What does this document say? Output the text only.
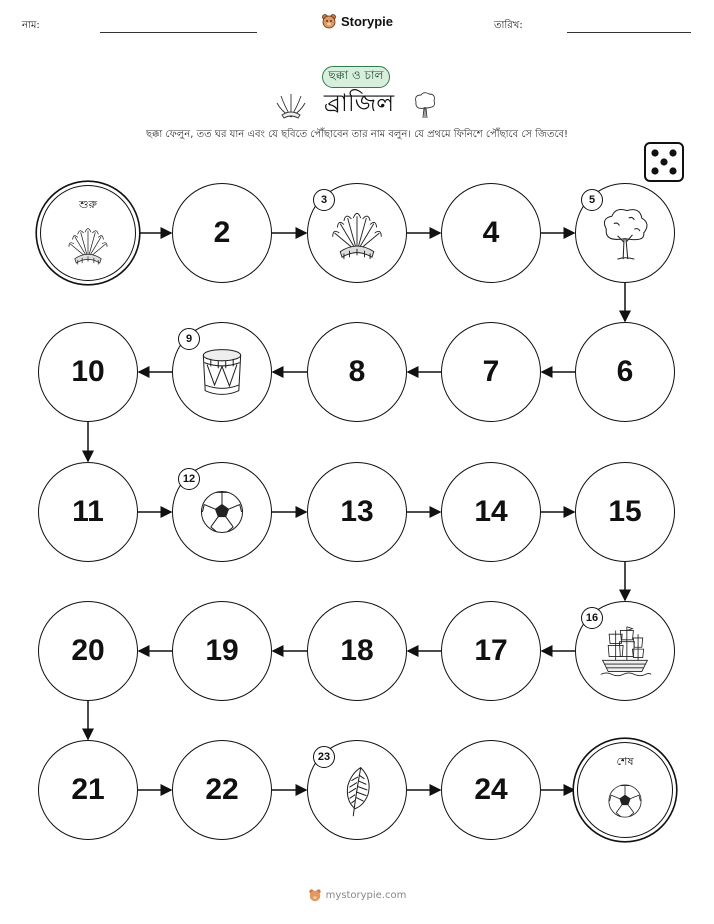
নাম:	Storypie	তারিখ:
ছক্কা ও চাল
ব্রাজিল
ছক্কা ফেলুন, তত ঘর যান এবং যে ছবিতে পৌঁছাবেন তার নাম বলুন। যে প্রথমে ফিনিশে পৌঁছাবে সে জিতবে!
শুরু
2
3
4
5
6
7
8
9
10
11
12
13	14	15
16
17
18
19
20
21	22
23
24
শেষ
mystorypie.com
